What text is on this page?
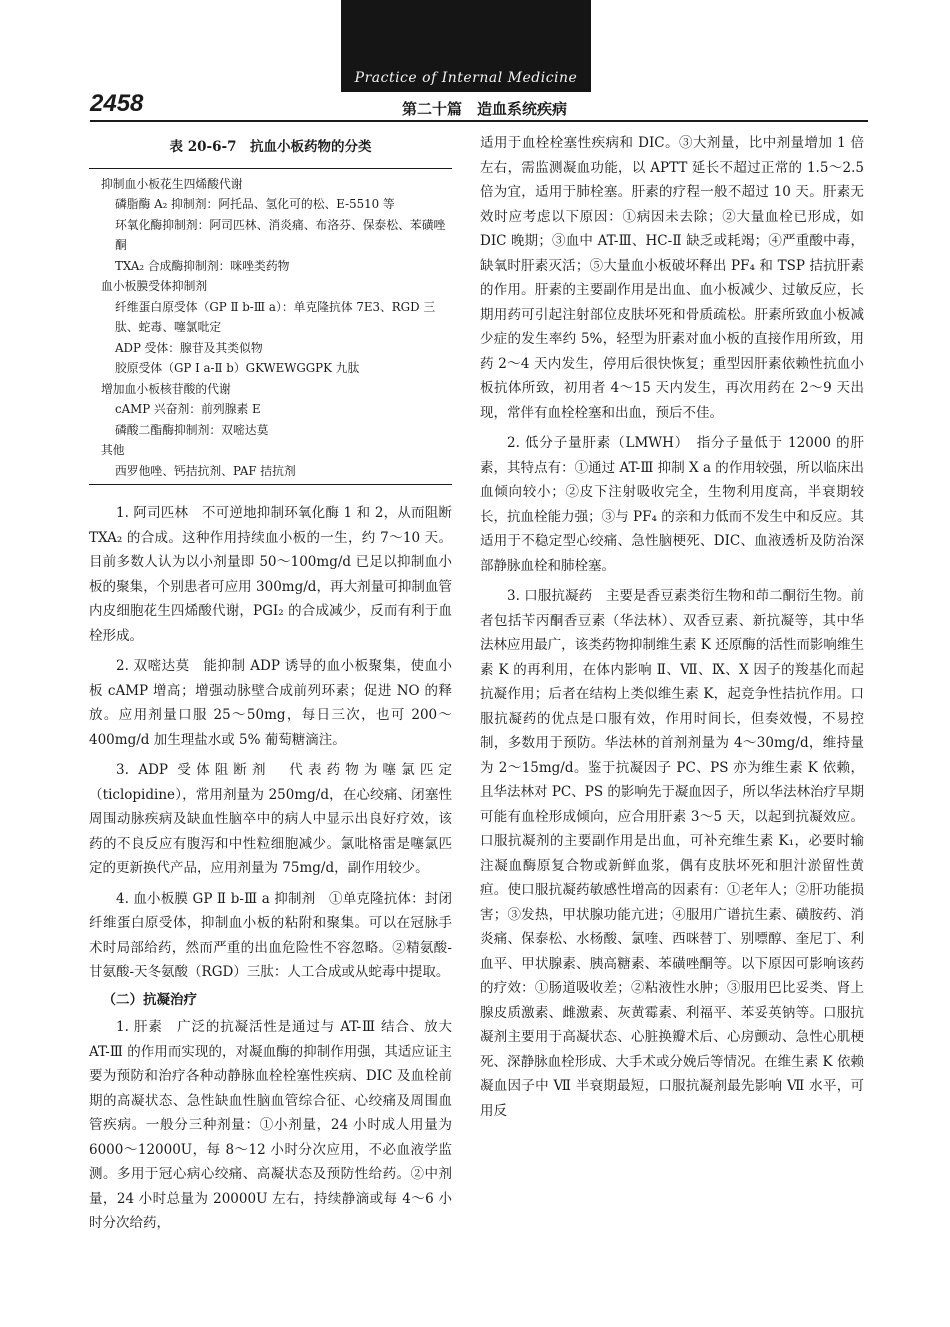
Practice of Internal Medicine
2458	第二十篇　造血系统疾病
表 20-6-7　抗血小板药物的分类
抑制血小板花生四烯酸代谢
磷脂酶 A₂ 抑制剂：阿托品、氢化可的松、E-5510 等
环氧化酶抑制剂：阿司匹林、消炎痛、布洛芬、保泰松、苯磺唑酮
TXA₂ 合成酶抑制剂：咪唑类药物
血小板膜受体抑制剂
纤维蛋白原受体（GP Ⅱ b-Ⅲ a）：单克隆抗体 7E3、RGD 三肽、蛇毒、噻氯吡定
ADP 受体：腺苷及其类似物
胶原受体（GP Ⅰ a-Ⅱ b）GKWEWGGPK 九肽
增加血小板核苷酸的代谢
cAMP 兴奋剂：前列腺素 E
磷酸二酯酶抑制剂：双嘧达莫
其他
西罗他唑、钙拮抗剂、PAF 拮抗剂

1. 阿司匹林　不可逆地抑制环氧化酶 1 和 2，从而阻断 TXA₂ 的合成。这种作用持续血小板的一生，约 7～10 天。目前多数人认为以小剂量即 50～100mg/d 已足以抑制血小板的聚集，个别患者可应用 300mg/d，再大剂量可抑制血管内皮细胞花生四烯酸代谢，PGI₂ 的合成减少，反而有利于血栓形成。

2. 双嘧达莫　能抑制 ADP 诱导的血小板聚集，使血小板 cAMP 增高；增强动脉壁合成前列环素；促进 NO 的释放。应用剂量口服 25～50mg，每日三次，也可 200～400mg/d 加生理盐水或 5% 葡萄糖滴注。

3. ADP 受体阻断剂　代表药物为噻氯匹定（ticlopidine），常用剂量为 250mg/d，在心绞痛、闭塞性周围动脉疾病及缺血性脑卒中的病人中显示出良好疗效，该药的不良反应有腹泻和中性粒细胞减少。氯吡格雷是噻氯匹定的更新换代产品，应用剂量为 75mg/d，副作用较少。

4. 血小板膜 GP Ⅱ b-Ⅲ a 抑制剂　①单克隆抗体：封闭纤维蛋白原受体，抑制血小板的粘附和聚集。可以在冠脉手术时局部给药，然而严重的出血危险性不容忽略。②精氨酸-甘氨酸-天冬氨酸（RGD）三肽：人工合成或从蛇毒中提取。

（二）抗凝治疗

1. 肝素　广泛的抗凝活性是通过与 AT-Ⅲ 结合、放大 AT-Ⅲ 的作用而实现的，对凝血酶的抑制作用强，其适应证主要为预防和治疗各种动静脉血栓栓塞性疾病、DIC 及血栓前期的高凝状态、急性缺血性脑血管综合征、心绞痛及周围血管疾病。一般分三种剂量：①小剂量，24 小时成人用量为 6000～12000U，每 8～12 小时分次应用，不必血液学监测。多用于冠心病心绞痛、高凝状态及预防性给药。②中剂量，24 小时总量为 20000U 左右，持续静滴或每 4～6 小时分次给药，

适用于血栓栓塞性疾病和 DIC。③大剂量，比中剂量增加 1 倍左右，需监测凝血功能，以 APTT 延长不超过正常的 1.5～2.5 倍为宜，适用于肺栓塞。肝素的疗程一般不超过 10 天。肝素无效时应考虑以下原因：①病因未去除；②大量血栓已形成，如 DIC 晚期；③血中 AT-Ⅲ、HC-Ⅱ 缺乏或耗竭；④严重酸中毒，缺氧时肝素灭活；⑤大量血小板破坏释出 PF₄ 和 TSP 拮抗肝素的作用。肝素的主要副作用是出血、血小板减少、过敏反应，长期用药可引起注射部位皮肤坏死和骨质疏松。肝素所致血小板减少症的发生率约 5%，轻型为肝素对血小板的直接作用所致，用药 2～4 天内发生，停用后很快恢复；重型因肝素依赖性抗血小板抗体所致，初用者 4～15 天内发生，再次用药在 2～9 天出现，常伴有血栓栓塞和出血，预后不佳。

2. 低分子量肝素（LMWH）　指分子量低于 12000 的肝素，其特点有：①通过 AT-Ⅲ 抑制 X a 的作用较强，所以临床出血倾向较小；②皮下注射吸收完全，生物利用度高，半衰期较长，抗血栓能力强；③与 PF₄ 的亲和力低而不发生中和反应。其适用于不稳定型心绞痛、急性脑梗死、DIC、血液透析及防治深部静脉血栓和肺栓塞。

3. 口服抗凝药　主要是香豆素类衍生物和茚二酮衍生物。前者包括苄丙酮香豆素（华法林）、双香豆素、新抗凝等，其中华法林应用最广，该类药物抑制维生素 K 还原酶的活性而影响维生素 K 的再利用，在体内影响 Ⅱ、Ⅶ、Ⅸ、X 因子的羧基化而起抗凝作用；后者在结构上类似维生素 K，起竞争性拮抗作用。口服抗凝药的优点是口服有效，作用时间长，但奏效慢，不易控制，多数用于预防。华法林的首剂剂量为 4～30mg/d，维持量为 2～15mg/d。鉴于抗凝因子 PC、PS 亦为维生素 K 依赖，且华法林对 PC、PS 的影响先于凝血因子，所以华法林治疗早期可能有血栓形成倾向，应合用肝素 3～5 天，以起到抗凝效应。口服抗凝剂的主要副作用是出血，可补充维生素 K₁，必要时输注凝血酶原复合物或新鲜血浆，偶有皮肤坏死和胆汁淤留性黄疸。使口服抗凝药敏感性增高的因素有：①老年人；②肝功能损害；③发热，甲状腺功能亢进；④服用广谱抗生素、磺胺药、消炎痛、保泰松、水杨酸、氯喹、西咪替丁、别嘌醇、奎尼丁、利血平、甲状腺素、胰高糖素、苯磺唑酮等。以下原因可影响该药的疗效：①肠道吸收差；②粘液性水肿；③服用巴比妥类、肾上腺皮质激素、雌激素、灰黄霉素、利福平、苯妥英钠等。口服抗凝剂主要用于高凝状态、心脏换瓣术后、心房颤动、急性心肌梗死、深静脉血栓形成、大手术或分娩后等情况。在维生素 K 依赖凝血因子中 Ⅶ 半衰期最短，口服抗凝剂最先影响 Ⅶ 水平，可用反
